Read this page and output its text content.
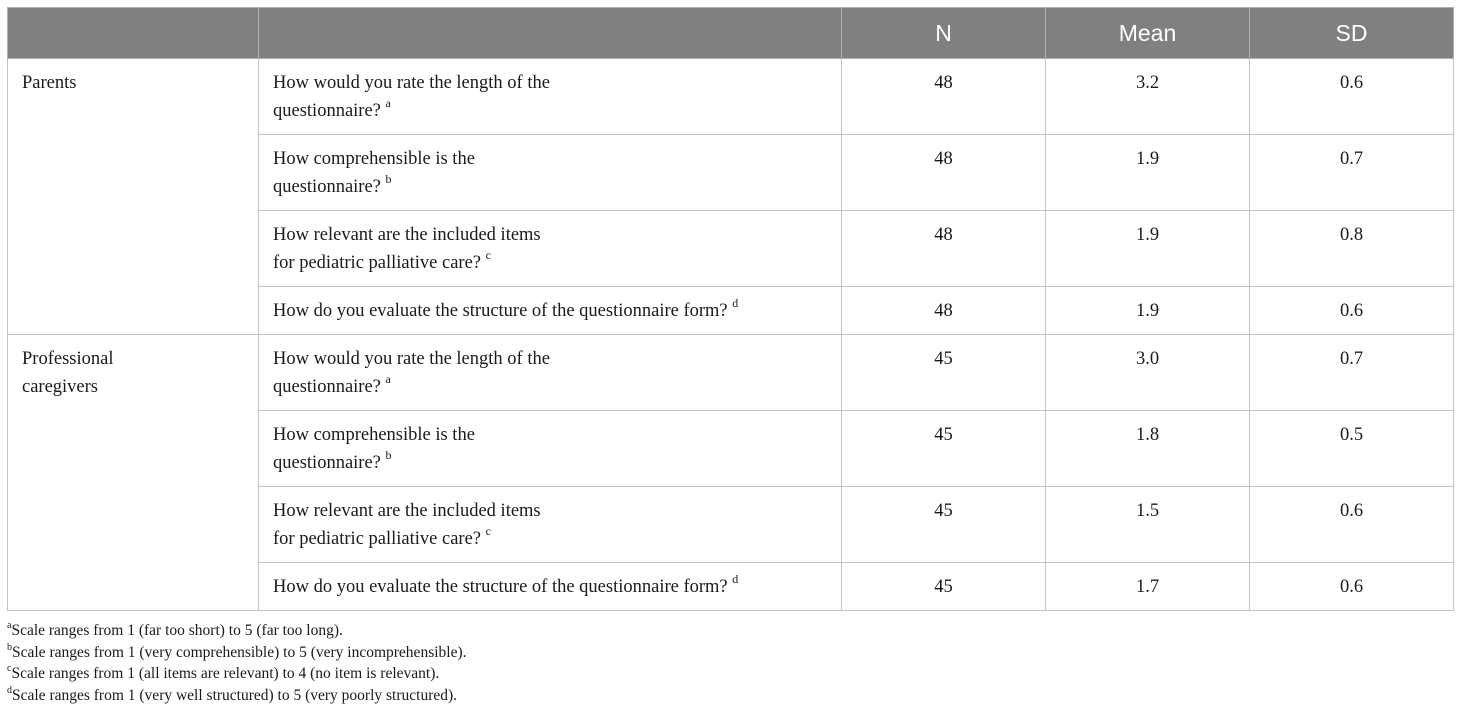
		N	Mean	SD
Parents	How would you rate the length of the
questionnaire? $^a$	48	3.2	0.6
	How comprehensible is the
questionnaire? $^b$	48	1.9	0.7
	How relevant are the included items
for pediatric palliative care? $^c$	48	1.9	0.8
	How do you evaluate the structure of the questionnaire form? $^d$	48	1.9	0.6
Professional
caregivers	How would you rate the length of the
questionnaire? $^a$	45	3.0	0.7
	How comprehensible is the
questionnaire? $^b$	45	1.8	0.5
	How relevant are the included items
for pediatric palliative care? $^c$	45	1.5	0.6
	How do you evaluate the structure of the questionnaire form? $^d$	45	1.7	0.6
$^a$Scale ranges from 1 (far too short) to 5 (far too long).
$^b$Scale ranges from 1 (very comprehensible) to 5 (very incomprehensible).
$^c$Scale ranges from 1 (all items are relevant) to 4 (no item is relevant).
$^d$Scale ranges from 1 (very well structured) to 5 (very poorly structured).
